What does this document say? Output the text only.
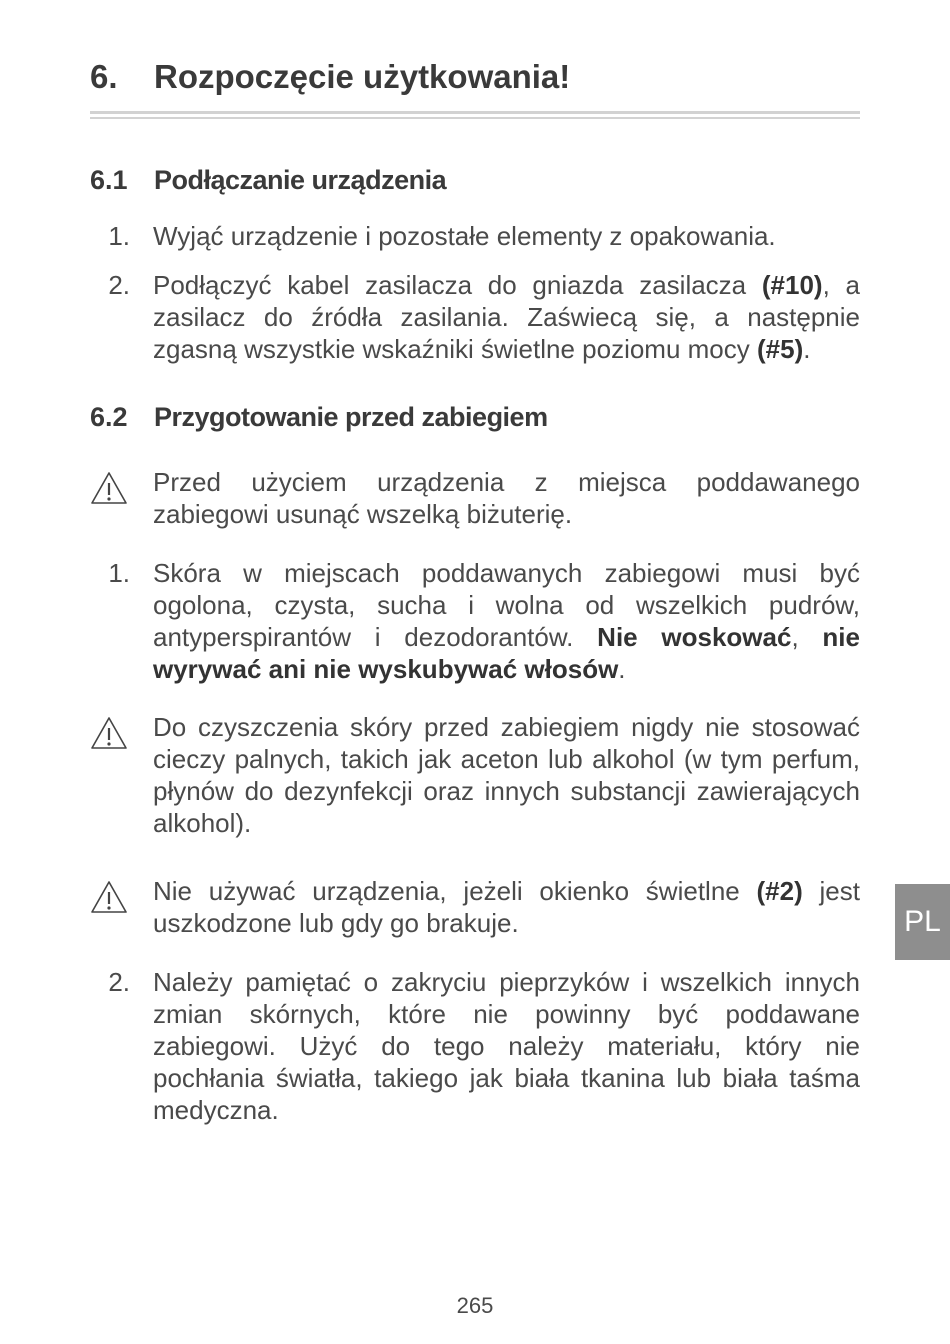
6. Rozpoczęcie użytkowania!
6.1 Podłączanie urządzenia
1. Wyjąć urządzenie i pozostałe elementy z opakowania.
2. Podłączyć kabel zasilacza do gniazda zasilacza (#10), a zasilacz do źródła zasilania. Zaświecą się, a następnie zgasną wszystkie wskaźniki świetlne poziomu mocy (#5).
6.2 Przygotowanie przed zabiegiem
Przed użyciem urządzenia z miejsca poddawanego zabiegowi usunąć wszelką biżuterię.
1. Skóra w miejscach poddawanych zabiegowi musi być ogolona, czysta, sucha i wolna od wszelkich pudrów, antyperspirantów i dezodorantów. Nie woskować, nie wyrywać ani nie wyskubywać włosów.
Do czyszczenia skóry przed zabiegiem nigdy nie stosować cieczy palnych, takich jak aceton lub alkohol (w tym perfum, płynów do dezynfekcji oraz innych substancji zawierających alkohol).
Nie używać urządzenia, jeżeli okienko świetlne (#2) jest uszkodzone lub gdy go brakuje.
2. Należy pamiętać o zakryciu pieprzyków i wszelkich innych zmian skórnych, które nie powinny być poddawane zabiegowi. Użyć do tego należy materiału, który nie pochłania światła, takiego jak biała tkanina lub biała taśma medyczna.
PL
265
